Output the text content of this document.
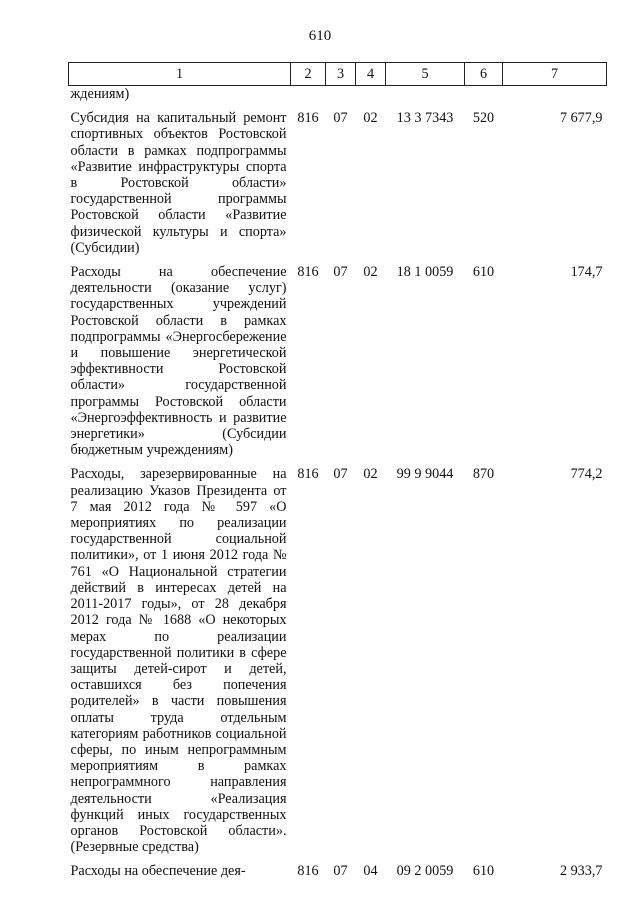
610
1	2	3	4	5	6	7
ждениям)						
Субсидия на капитальный ремонт спортивных объектов Ростовской области в рамках подпрограммы «Развитие инфраструктуры спорта в Ростовской области» государственной программы Ростовской области «Развитие физической культуры и спорта» (Субсидии)	816	07	02	13 3 7343	520	7 677,9
Расходы на обеспечение деятельности (оказание услуг) государственных учреждений Ростовской области в рамках подпрограммы «Энергосбережение и повышение энергетической эффективности Ростовской области» государственной программы Ростовской области «Энергоэффективность и развитие энергетики» (Субсидии бюджетным учреждениям)	816	07	02	18 1 0059	610	174,7
Расходы, зарезервированные на реализацию Указов Президента от 7 мая 2012 года № 597 «О мероприятиях по реализации государственной социальной политики», от 1 июня 2012 года № 761 «О Национальной стратегии действий в интересах детей на 2011-2017 годы», от 28 декабря 2012 года № 1688 «О некоторых мерах по реализации государственной политики в сфере защиты детей-сирот и детей, оставшихся без попечения родителей» в части повышения оплаты труда отдельным категориям работников социальной сферы, по иным непрограммным мероприятиям в рамках непрограммного направления деятельности «Реализация функций иных государственных органов Ростовской области». (Резервные средства)	816	07	02	99 9 9044	870	774,2
Расходы на обеспечение дея-	816	07	04	09 2 0059	610	2 933,7
